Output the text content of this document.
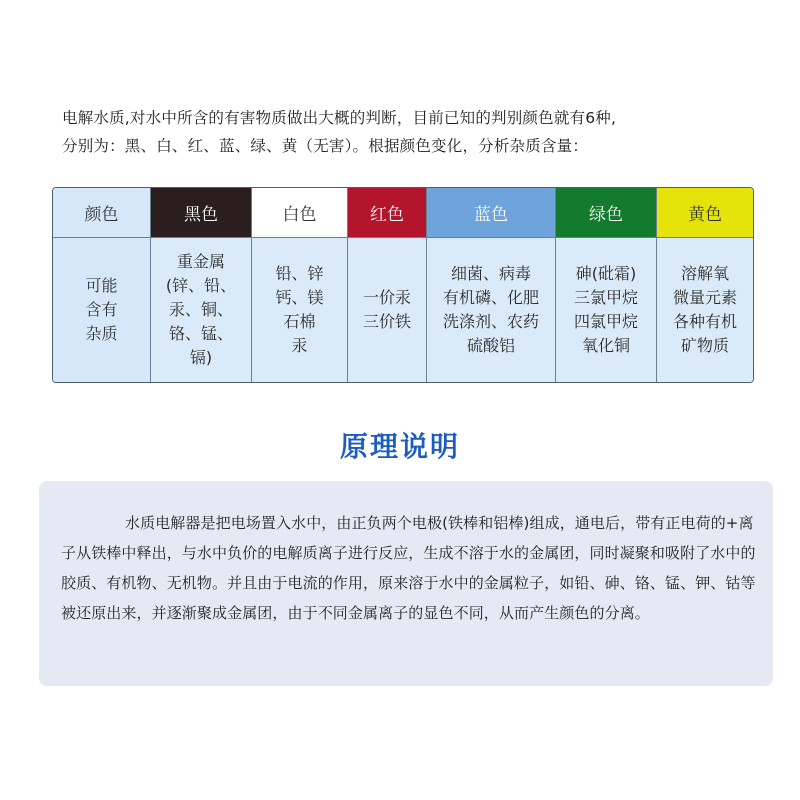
电解水质,对水中所含的有害物质做出大概的判断，目前已知的判别颜色就有6种,

分别为：黑、白、红、蓝、绿、黄（无害）。根据颜色变化，分析杂质含量：

颜色	黑色	白色	红色	蓝色	绿色	黄色
可能
含有
杂质	重金属
(锌、铅、
汞、铜、
铬、锰、
镉)	铅、锌
钙、镁
石棉
汞	一价汞
三价铁	细菌、病毒
有机磷、化肥
洗涤剂、农药
硫酸铝	砷(砒霜)
三氯甲烷
四氯甲烷
氧化铜	溶解氧
微量元素
各种有机
矿物质
原理说明

水质电解器是把电场置入水中，由正负两个电极(铁棒和铝棒)组成，通电后，带有正电荷的+离子从铁棒中释出，与水中负价的电解质离子进行反应，生成不溶于水的金属团，同时凝聚和吸附了水中的胶质、有机物、无机物。并且由于电流的作用，原来溶于水中的金属粒子，如铅、砷、铬、锰、钾、钴等被还原出来，并逐渐聚成金属团，由于不同金属离子的显色不同，从而产生颜色的分离。
